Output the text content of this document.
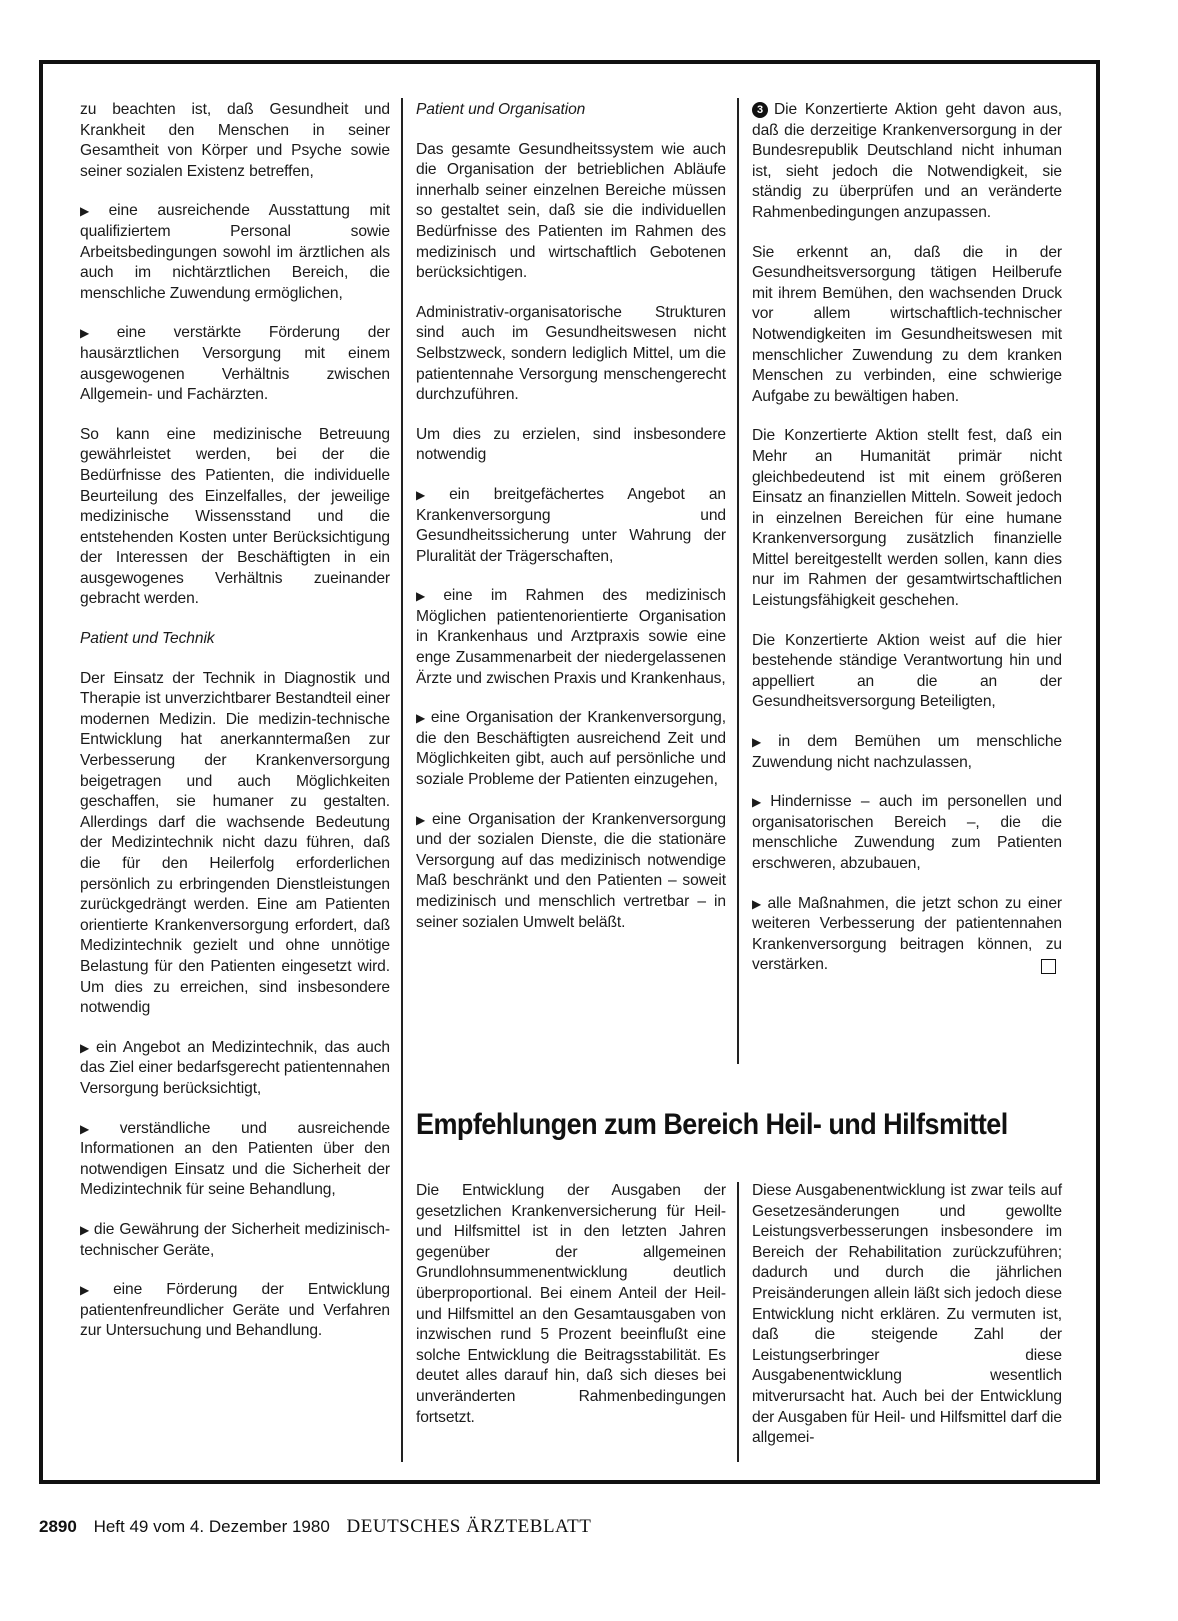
zu beachten ist, daß Gesundheit und Krankheit den Menschen in seiner Gesamtheit von Körper und Psyche sowie seiner sozialen Existenz betreffen,

▶ eine ausreichende Ausstattung mit qualifiziertem Personal sowie Arbeitsbedingungen sowohl im ärztlichen als auch im nichtärztlichen Bereich, die menschliche Zuwendung ermöglichen,

▶ eine verstärkte Förderung der hausärztlichen Versorgung mit einem ausgewogenen Verhältnis zwischen Allgemein- und Fachärzten.

So kann eine medizinische Betreuung gewährleistet werden, bei der die Bedürfnisse des Patienten, die individuelle Beurteilung des Einzelfalles, der jeweilige medizinische Wissensstand und die entstehenden Kosten unter Berücksichtigung der Interessen der Beschäftigten in ein ausgewogenes Verhältnis zueinander gebracht werden.

Patient und Technik

Der Einsatz der Technik in Diagnostik und Therapie ist unverzichtbarer Bestandteil einer modernen Medizin. Die medizin-technische Entwicklung hat anerkanntermaßen zur Verbesserung der Krankenversorgung beigetragen und auch Möglichkeiten geschaffen, sie humaner zu gestalten. Allerdings darf die wachsende Bedeutung der Medizintechnik nicht dazu führen, daß die für den Heilerfolg erforderlichen persönlich zu erbringenden Dienstleistungen zurückgedrängt werden. Eine am Patienten orientierte Krankenversorgung erfordert, daß Medizintechnik gezielt und ohne unnötige Belastung für den Patienten eingesetzt wird. Um dies zu erreichen, sind insbesondere notwendig

▶ ein Angebot an Medizintechnik, das auch das Ziel einer bedarfsgerecht patientennahen Versorgung berücksichtigt,

▶ verständliche und ausreichende Informationen an den Patienten über den notwendigen Einsatz und die Sicherheit der Medizintechnik für seine Behandlung,

▶ die Gewährung der Sicherheit medizinisch-technischer Geräte,

▶ eine Förderung der Entwicklung patientenfreundlicher Geräte und Verfahren zur Untersuchung und Behandlung.

Patient und Organisation

Das gesamte Gesundheitssystem wie auch die Organisation der betrieblichen Abläufe innerhalb seiner einzelnen Bereiche müssen so gestaltet sein, daß sie die individuellen Bedürfnisse des Patienten im Rahmen des medizinisch und wirtschaftlich Gebotenen berücksichtigen.

Administrativ-organisatorische Strukturen sind auch im Gesundheitswesen nicht Selbstzweck, sondern lediglich Mittel, um die patientennahe Versorgung menschengerecht durchzuführen.

Um dies zu erzielen, sind insbesondere notwendig

▶ ein breitgefächertes Angebot an Krankenversorgung und Gesundheitssicherung unter Wahrung der Pluralität der Trägerschaften,

▶ eine im Rahmen des medizinisch Möglichen patientenorientierte Organisation in Krankenhaus und Arztpraxis sowie eine enge Zusammenarbeit der niedergelassenen Ärzte und zwischen Praxis und Krankenhaus,

▶ eine Organisation der Krankenversorgung, die den Beschäftigten ausreichend Zeit und Möglichkeiten gibt, auch auf persönliche und soziale Probleme der Patienten einzugehen,

▶ eine Organisation der Krankenversorgung und der sozialen Dienste, die die stationäre Versorgung auf das medizinisch notwendige Maß beschränkt und den Patienten – soweit medizinisch und menschlich vertretbar – in seiner sozialen Umwelt beläßt.

3 Die Konzertierte Aktion geht davon aus, daß die derzeitige Krankenversorgung in der Bundesrepublik Deutschland nicht inhuman ist, sieht jedoch die Notwendigkeit, sie ständig zu überprüfen und an veränderte Rahmenbedingungen anzupassen.

Sie erkennt an, daß die in der Gesundheitsversorgung tätigen Heilberufe mit ihrem Bemühen, den wachsenden Druck vor allem wirtschaftlich-technischer Notwendigkeiten im Gesundheitswesen mit menschlicher Zuwendung zu dem kranken Menschen zu verbinden, eine schwierige Aufgabe zu bewältigen haben.

Die Konzertierte Aktion stellt fest, daß ein Mehr an Humanität primär nicht gleichbedeutend ist mit einem größeren Einsatz an finanziellen Mitteln. Soweit jedoch in einzelnen Bereichen für eine humane Krankenversorgung zusätzlich finanzielle Mittel bereitgestellt werden sollen, kann dies nur im Rahmen der gesamtwirtschaftlichen Leistungsfähigkeit geschehen.

Die Konzertierte Aktion weist auf die hier bestehende ständige Verantwortung hin und appelliert an die an der Gesundheitsversorgung Beteiligten,

▶ in dem Bemühen um menschliche Zuwendung nicht nachzulassen,

▶ Hindernisse – auch im personellen und organisatorischen Bereich –, die die menschliche Zuwendung zum Patienten erschweren, abzubauen,

▶ alle Maßnahmen, die jetzt schon zu einer weiteren Verbesserung der patientennahen Krankenversorgung beitragen können, zu verstärken.

Empfehlungen zum Bereich Heil- und Hilfsmittel

Die Entwicklung der Ausgaben der gesetzlichen Krankenversicherung für Heil- und Hilfsmittel ist in den letzten Jahren gegenüber der allgemeinen Grundlohnsummenentwicklung deutlich überproportional. Bei einem Anteil der Heil- und Hilfsmittel an den Gesamtausgaben von inzwischen rund 5 Prozent beeinflußt eine solche Entwicklung die Beitragsstabilität. Es deutet alles darauf hin, daß sich dieses bei unveränderten Rahmenbedingungen fortsetzt.

Diese Ausgabenentwicklung ist zwar teils auf Gesetzesänderungen und gewollte Leistungsverbesserungen insbesondere im Bereich der Rehabilitation zurückzuführen; dadurch und durch die jährlichen Preisänderungen allein läßt sich jedoch diese Entwicklung nicht erklären. Zu vermuten ist, daß die steigende Zahl der Leistungserbringer diese Ausgabenentwicklung wesentlich mitverursacht hat. Auch bei der Entwicklung der Ausgaben für Heil- und Hilfsmittel darf die allgemei-

2890 Heft 49 vom 4. Dezember 1980 DEUTSCHES ÄRZTEBLATT
